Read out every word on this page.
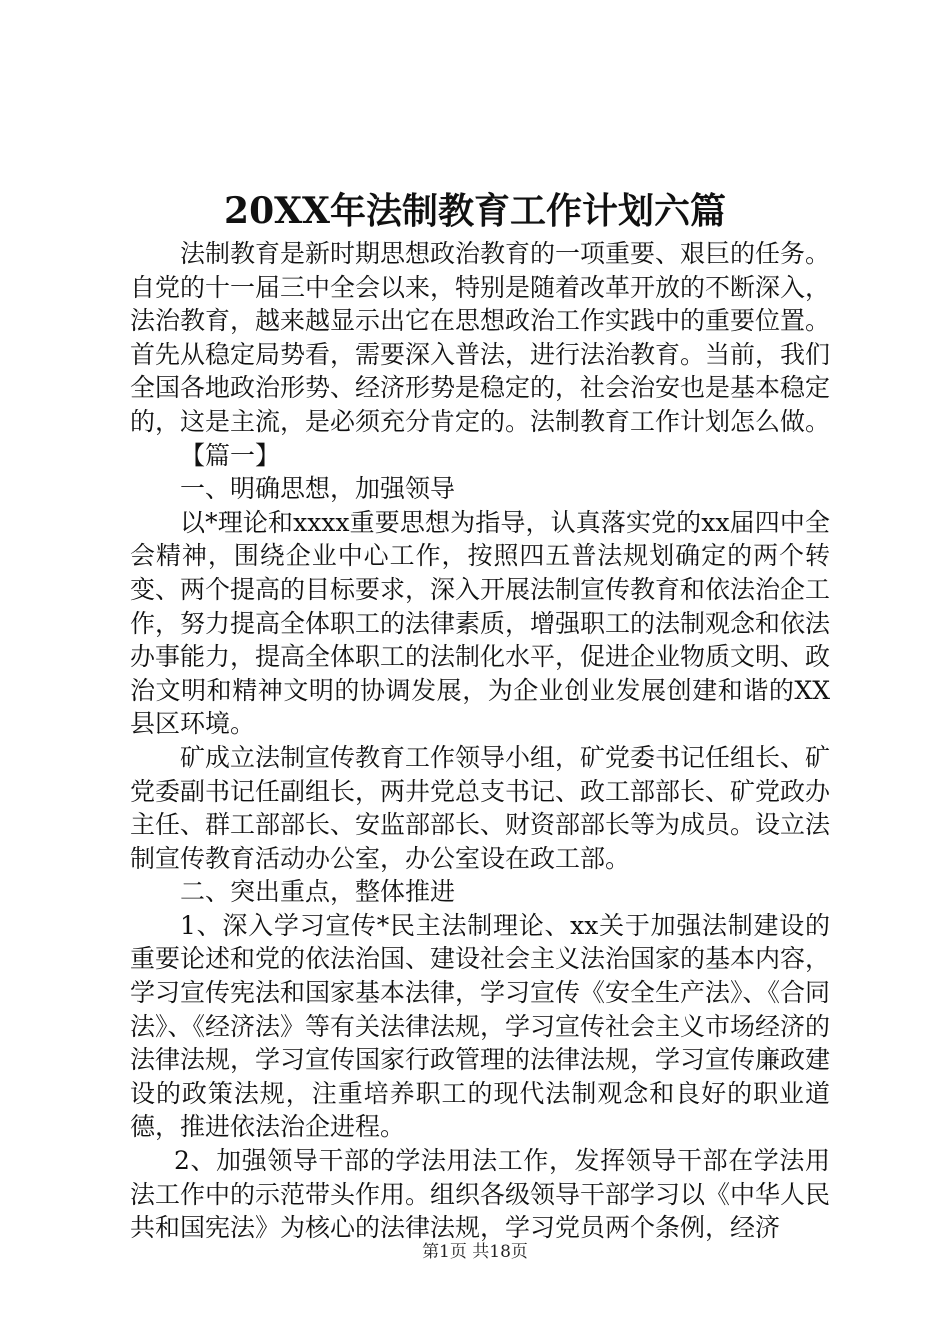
20XX年法制教育工作计划六篇

法制教育是新时期思想政治教育的一项重要、艰巨的任务。自党的十一届三中全会以来，特别是随着改革开放的不断深入，法治教育，越来越显示出它在思想政治工作实践中的重要位置。首先从稳定局势看，需要深入普法，进行法治教育。当前，我们全国各地政治形势、经济形势是稳定的，社会治安也是基本稳定的，这是主流，是必须充分肯定的。法制教育工作计划怎么做。

【篇一】

一、明确思想，加强领导

以*理论和xxxx重要思想为指导，认真落实党的xx届四中全会精神，围绕企业中心工作，按照四五普法规划确定的两个转变、两个提高的目标要求，深入开展法制宣传教育和依法治企工作，努力提高全体职工的法律素质，增强职工的法制观念和依法办事能力，提高全体职工的法制化水平，促进企业物质文明、政治文明和精神文明的协调发展，为企业创业发展创建和谐的XX县区环境。

矿成立法制宣传教育工作领导小组，矿党委书记任组长、矿党委副书记任副组长，两井党总支书记、政工部部长、矿党政办主任、群工部部长、安监部部长、财资部部长等为成员。设立法制宣传教育活动办公室，办公室设在政工部。

二、突出重点，整体推进

1、深入学习宣传*民主法制理论、xx关于加强法制建设的重要论述和党的依法治国、建设社会主义法治国家的基本内容，学习宣传宪法和国家基本法律，学习宣传《安全生产法》、《合同法》、《经济法》等有关法律法规，学习宣传社会主义市场经济的法律法规，学习宣传国家行政管理的法律法规，学习宣传廉政建设的政策法规，注重培养职工的现代法制观念和良好的职业道德，推进依法治企进程。

2、加强领导干部的学法用法工作，发挥领导干部在学法用法工作中的示范带头作用。组织各级领导干部学习以《中华人民共和国宪法》为核心的法律法规，学习党员两个条例，经济

第1页 共18页
